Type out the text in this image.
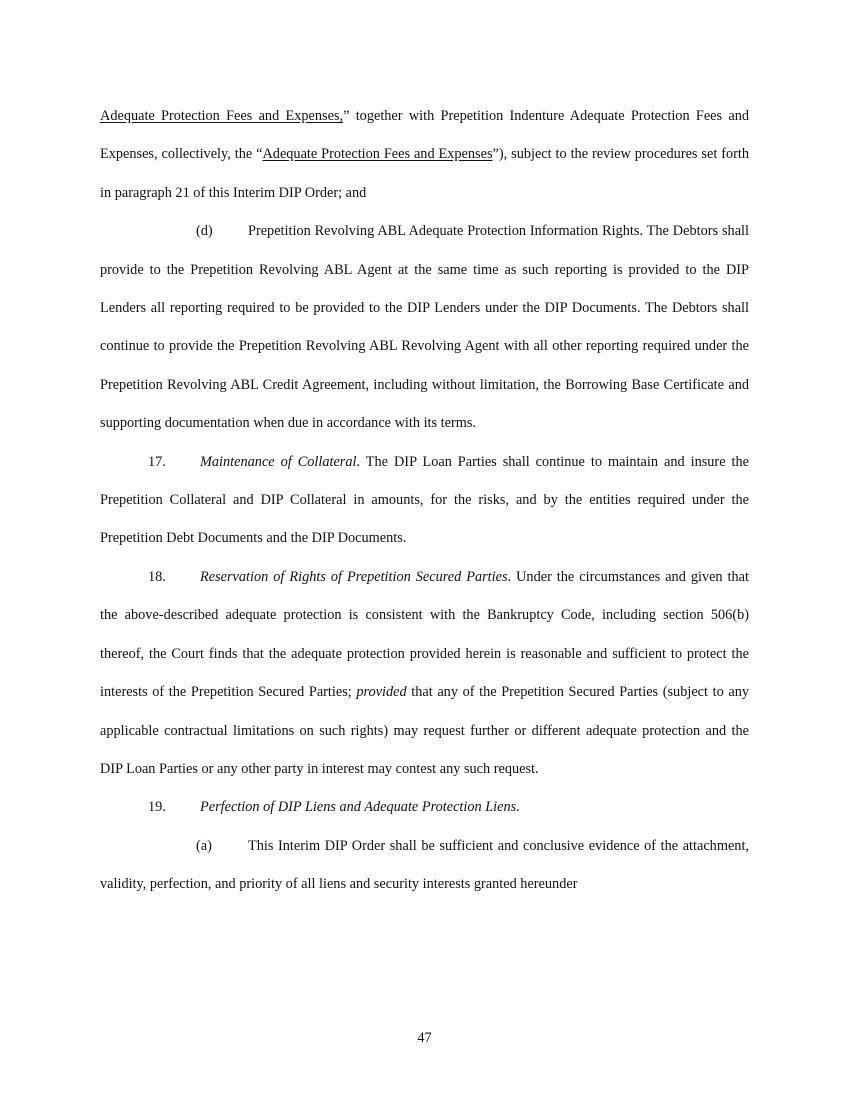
Adequate Protection Fees and Expenses,” together with Prepetition Indenture Adequate Protection Fees and Expenses, collectively, the “Adequate Protection Fees and Expenses”), subject to the review procedures set forth in paragraph 21 of this Interim DIP Order; and

(d) Prepetition Revolving ABL Adequate Protection Information Rights. The Debtors shall provide to the Prepetition Revolving ABL Agent at the same time as such reporting is provided to the DIP Lenders all reporting required to be provided to the DIP Lenders under the DIP Documents. The Debtors shall continue to provide the Prepetition Revolving ABL Revolving Agent with all other reporting required under the Prepetition Revolving ABL Credit Agreement, including without limitation, the Borrowing Base Certificate and supporting documentation when due in accordance with its terms.

17. Maintenance of Collateral. The DIP Loan Parties shall continue to maintain and insure the Prepetition Collateral and DIP Collateral in amounts, for the risks, and by the entities required under the Prepetition Debt Documents and the DIP Documents.

18. Reservation of Rights of Prepetition Secured Parties. Under the circumstances and given that the above-described adequate protection is consistent with the Bankruptcy Code, including section 506(b) thereof, the Court finds that the adequate protection provided herein is reasonable and sufficient to protect the interests of the Prepetition Secured Parties; provided that any of the Prepetition Secured Parties (subject to any applicable contractual limitations on such rights) may request further or different adequate protection and the DIP Loan Parties or any other party in interest may contest any such request.

19. Perfection of DIP Liens and Adequate Protection Liens.

(a)	This Interim DIP Order shall be sufficient and conclusive evidence of the attachment, validity, perfection, and priority of all liens and security interests granted hereunder

47
